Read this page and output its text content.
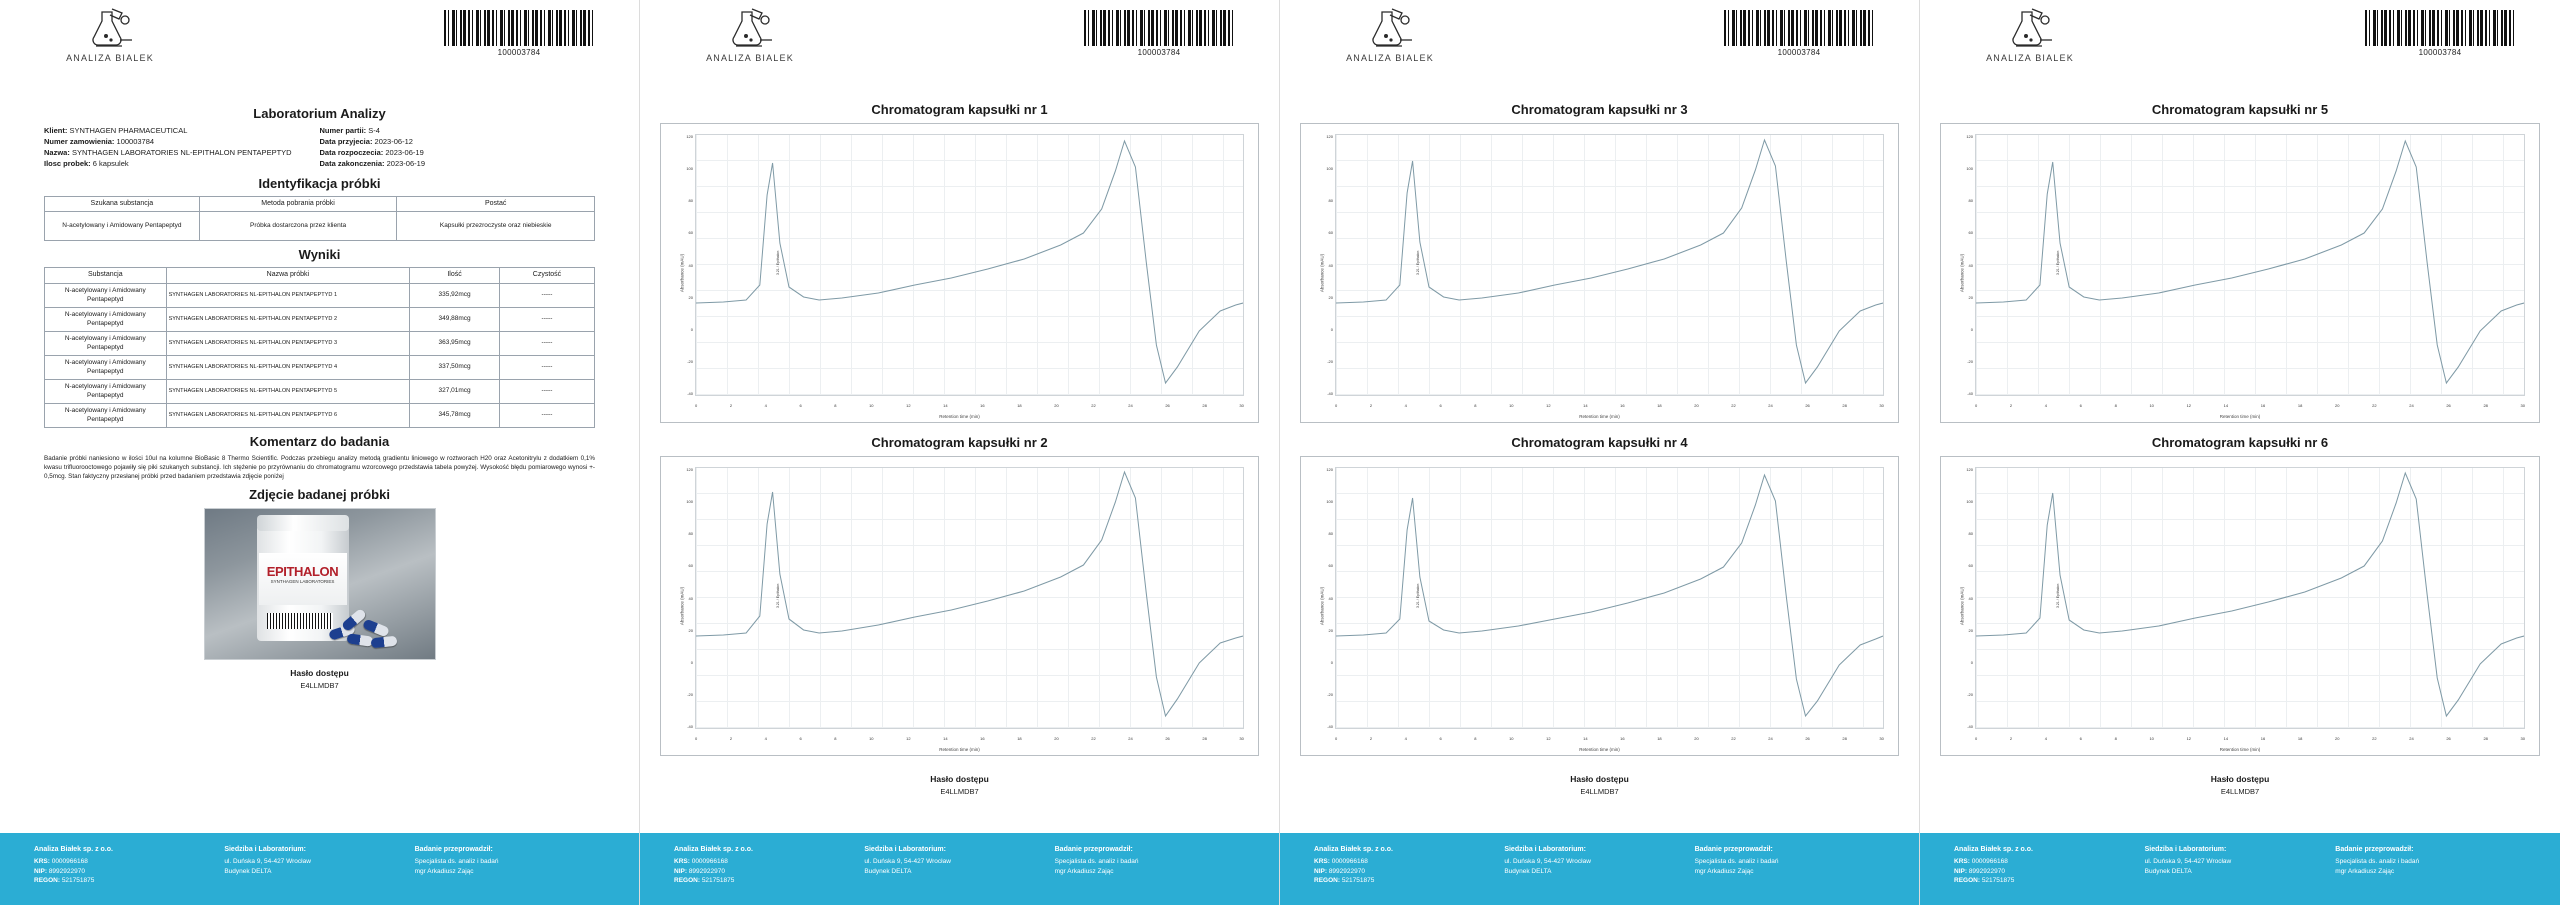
ANALIZA BIALEK
100003784
Laboratorium Analizy
Klient: SYNTHAGEN PHARMACEUTICAL
Numer zamowienia: 100003784
Nazwa: SYNTHAGEN LABORATORIES NL-EPITHALON PENTAPEPTYD
Ilosc probek: 6 kapsulek
Numer partii: S-4
Data przyjecia: 2023-06-12
Data rozpoczecia: 2023-06-19
Data zakonczenia: 2023-06-19
Identyfikacja próbki
Szukana substancja	Metoda pobrania próbki	Postać
N-acetylowany i Amidowany Pentapeptyd	Próbka dostarczona przez klienta	Kapsułki przezroczyste oraz niebieskie
Wyniki
Substancja	Nazwa próbki	Ilość	Czystość
N-acetylowany i Amidowany Pentapeptyd	SYNTHAGEN LABORATORIES NL-EPITHALON PENTAPEPTYD 1	335,92mcg	-----
N-acetylowany i Amidowany Pentapeptyd	SYNTHAGEN LABORATORIES NL-EPITHALON PENTAPEPTYD 2	349,88mcg	-----
N-acetylowany i Amidowany Pentapeptyd	SYNTHAGEN LABORATORIES NL-EPITHALON PENTAPEPTYD 3	363,95mcg	-----
N-acetylowany i Amidowany Pentapeptyd	SYNTHAGEN LABORATORIES NL-EPITHALON PENTAPEPTYD 4	337,50mcg	-----
N-acetylowany i Amidowany Pentapeptyd	SYNTHAGEN LABORATORIES NL-EPITHALON PENTAPEPTYD 5	327,01mcg	-----
N-acetylowany i Amidowany Pentapeptyd	SYNTHAGEN LABORATORIES NL-EPITHALON PENTAPEPTYD 6	345,78mcg	-----
Komentarz do badania
Badanie próbki naniesiono w ilości 10ul na kolumne BioBasic 8 Thermo Scientific. Podczas przebiegu analizy metodą gradientu liniowego w roztworach H20 oraz Acetonitrylu z dodatkiem 0,1% kwasu trifluorooctowego pojawiły się piki szukanych substancji. Ich stężenie po przyrównaniu do chromatogramu wzorcowego przedstawia tabela powyżej. Wysokość błędu pomiarowego wynosi +- 0,5mcg. Stan faktyczny przesłanej próbki przed badaniem przedstawia zdjęcie poniżej
Zdjęcie badanej próbki
EPITHALON
SYNTHAGEN LABORATORIES
Hasło dostępu
E4LLMDB7
Analiza Białek sp. z o.o.
KRS: 0000966168
NIP: 8992922970
REGON: 521751875
Siedziba i Laboratorium:
ul. Duńska 9, 54-427 Wrocław
Budynek DELTA
Badanie przeprowadził:
Specjalista ds. analiz i badań
mgr Arkadiusz Zając
ANALIZA BIALEK
100003784
Chromatogram kapsułki nr 1
Absorbance (mAU)
120
100
80
60
40
20
0
-20
-40
3.21 / Epithalon
0	2	4	6	8	10	12	14	16	18	20	22	24	26	28	30
Retention time (min)
Chromatogram kapsułki nr 2
Absorbance (mAU)
120
100
80
60
40
20
0
-20
-40
3.21 / Epithalon
0	2	4	6	8	10	12	14	16	18	20	22	24	26	28	30
Retention time (min)
Hasło dostępu
E4LLMDB7
Analiza Białek sp. z o.o.
KRS: 0000966168
NIP: 8992922970
REGON: 521751875
Siedziba i Laboratorium:
ul. Duńska 9, 54-427 Wrocław
Budynek DELTA
Badanie przeprowadził:
Specjalista ds. analiz i badań
mgr Arkadiusz Zając
ANALIZA BIALEK
100003784
Chromatogram kapsułki nr 3
Absorbance (mAU)
120
100
80
60
40
20
0
-20
-40
3.21 / Epithalon
0	2	4	6	8	10	12	14	16	18	20	22	24	26	28	30
Retention time (min)
Chromatogram kapsułki nr 4
Absorbance (mAU)
120
100
80
60
40
20
0
-20
-40
3.21 / Epithalon
0	2	4	6	8	10	12	14	16	18	20	22	24	26	28	30
Retention time (min)
Hasło dostępu
E4LLMDB7
Analiza Białek sp. z o.o.
KRS: 0000966168
NIP: 8992922970
REGON: 521751875
Siedziba i Laboratorium:
ul. Duńska 9, 54-427 Wrocław
Budynek DELTA
Badanie przeprowadził:
Specjalista ds. analiz i badań
mgr Arkadiusz Zając
ANALIZA BIALEK
100003784
Chromatogram kapsułki nr 5
Absorbance (mAU)
120
100
80
60
40
20
0
-20
-40
3.21 / Epithalon
0	2	4	6	8	10	12	14	16	18	20	22	24	26	28	30
Retention time (min)
Chromatogram kapsułki nr 6
Absorbance (mAU)
120
100
80
60
40
20
0
-20
-40
3.21 / Epithalon
0	2	4	6	8	10	12	14	16	18	20	22	24	26	28	30
Retention time (min)
Hasło dostępu
E4LLMDB7
Analiza Białek sp. z o.o.
KRS: 0000966168
NIP: 8992922970
REGON: 521751875
Siedziba i Laboratorium:
ul. Duńska 9, 54-427 Wrocław
Budynek DELTA
Badanie przeprowadził:
Specjalista ds. analiz i badań
mgr Arkadiusz Zając
